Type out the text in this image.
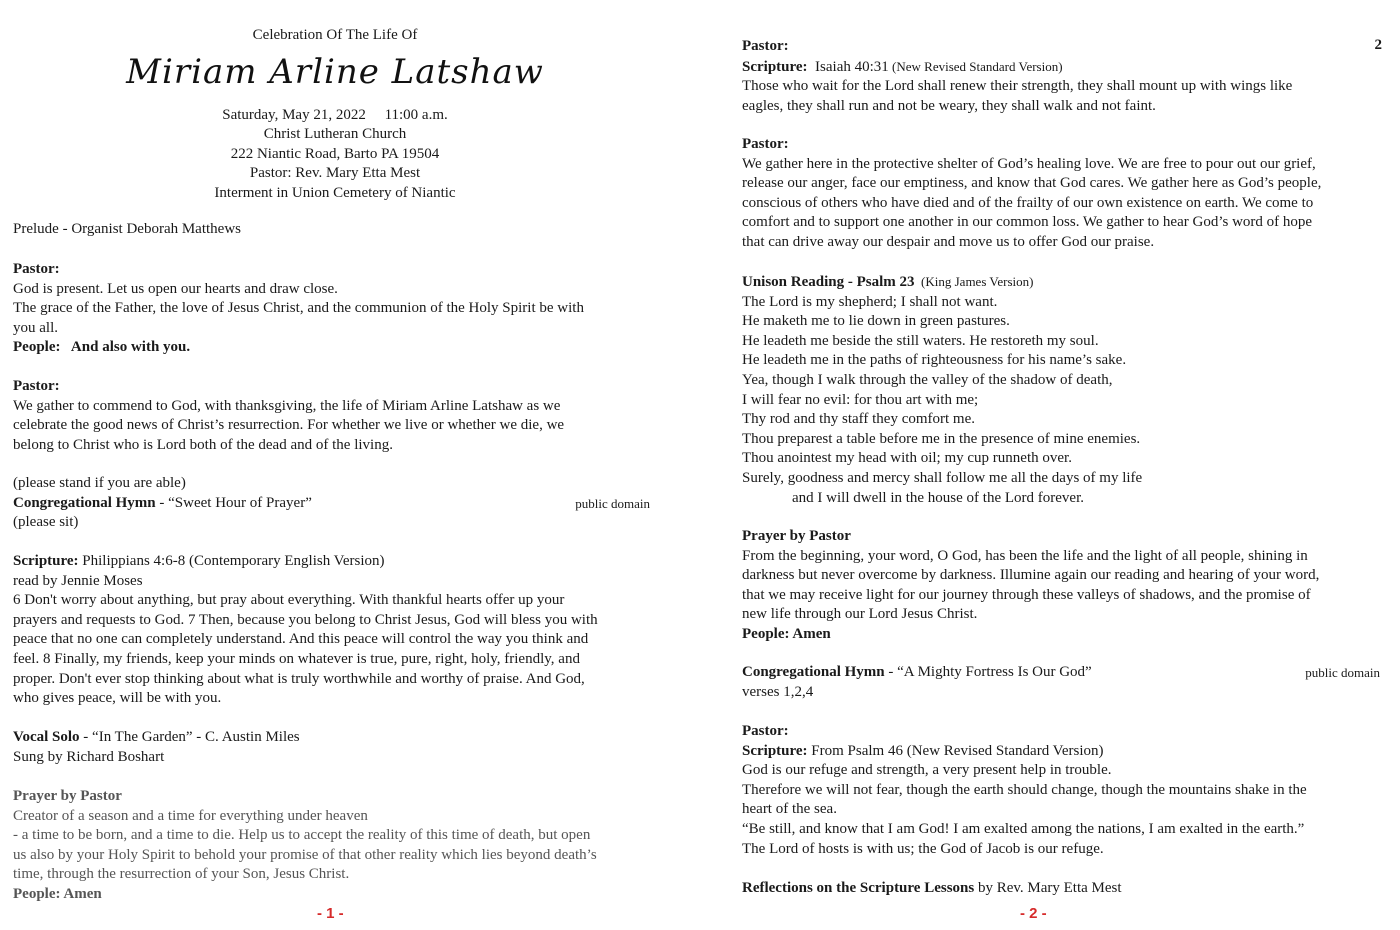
Celebration Of The Life Of
Miriam Arline Latshaw
Saturday, May 21, 2022     11:00 a.m.
Christ Lutheran Church
222 Niantic Road, Barto PA 19504
Pastor: Rev. Mary Etta Mest
Interment in Union Cemetery of Niantic
Prelude - Organist Deborah Matthews
Pastor:
God is present. Let us open our hearts and draw close.
The grace of the Father, the love of Jesus Christ, and the communion of the Holy Spirit be with
you all.
People: And also with you.
Pastor:
We gather to commend to God, with thanksgiving, the life of Miriam Arline Latshaw as we
celebrate the good news of Christ’s resurrection. For whether we live or whether we die, we
belong to Christ who is Lord both of the dead and of the living.
(please stand if you are able)
Congregational Hymn - “Sweet Hour of Prayer”	public domain
(please sit)
Scripture: Philippians 4:6-8 (Contemporary English Version)
read by Jennie Moses
6 Don't worry about anything, but pray about everything. With thankful hearts offer up your
prayers and requests to God. 7 Then, because you belong to Christ Jesus, God will bless you with
peace that no one can completely understand. And this peace will control the way you think and
feel. 8 Finally, my friends, keep your minds on whatever is true, pure, right, holy, friendly, and
proper. Don't ever stop thinking about what is truly worthwhile and worthy of praise. And God,
who gives peace, will be with you.
Vocal Solo - “In The Garden” - C. Austin Miles
Sung by Richard Boshart
Prayer by Pastor
Creator of a season and a time for everything under heaven
- a time to be born, and a time to die. Help us to accept the reality of this time of death, but open
us also by your Holy Spirit to behold your promise of that other reality which lies beyond death’s
time, through the resurrection of your Son, Jesus Christ.
People: Amen
- 1 -
2
Pastor:
Scripture:  Isaiah 40:31 (New Revised Standard Version)
Those who wait for the Lord shall renew their strength, they shall mount up with wings like
eagles, they shall run and not be weary, they shall walk and not faint.
Pastor:
We gather here in the protective shelter of God’s healing love. We are free to pour out our grief,
release our anger, face our emptiness, and know that God cares. We gather here as God’s people,
conscious of others who have died and of the frailty of our own existence on earth. We come to
comfort and to support one another in our common loss. We gather to hear God’s word of hope
that can drive away our despair and move us to offer God our praise.
Unison Reading - Psalm 23  (King James Version)
The Lord is my shepherd; I shall not want.
He maketh me to lie down in green pastures.
He leadeth me beside the still waters. He restoreth my soul.
He leadeth me in the paths of righteousness for his name’s sake.
Yea, though I walk through the valley of the shadow of death,
I will fear no evil: for thou art with me;
Thy rod and thy staff they comfort me.
Thou preparest a table before me in the presence of mine enemies.
Thou anointest my head with oil; my cup runneth over.
Surely, goodness and mercy shall follow me all the days of my life
and I will dwell in the house of the Lord forever.
Prayer by Pastor
From the beginning, your word, O God, has been the life and the light of all people, shining in
darkness but never overcome by darkness. Illumine again our reading and hearing of your word,
that we may receive light for our journey through these valleys of shadows, and the promise of
new life through our Lord Jesus Christ.
People: Amen
Congregational Hymn - “A Mighty Fortress Is Our God”	public domain
verses 1,2,4
Pastor:
Scripture: From Psalm 46 (New Revised Standard Version)
God is our refuge and strength, a very present help in trouble.
Therefore we will not fear, though the earth should change, though the mountains shake in the
heart of the sea.
“Be still, and know that I am God! I am exalted among the nations, I am exalted in the earth.”
The Lord of hosts is with us; the God of Jacob is our refuge.
Reflections on the Scripture Lessons by Rev. Mary Etta Mest
- 2 -
